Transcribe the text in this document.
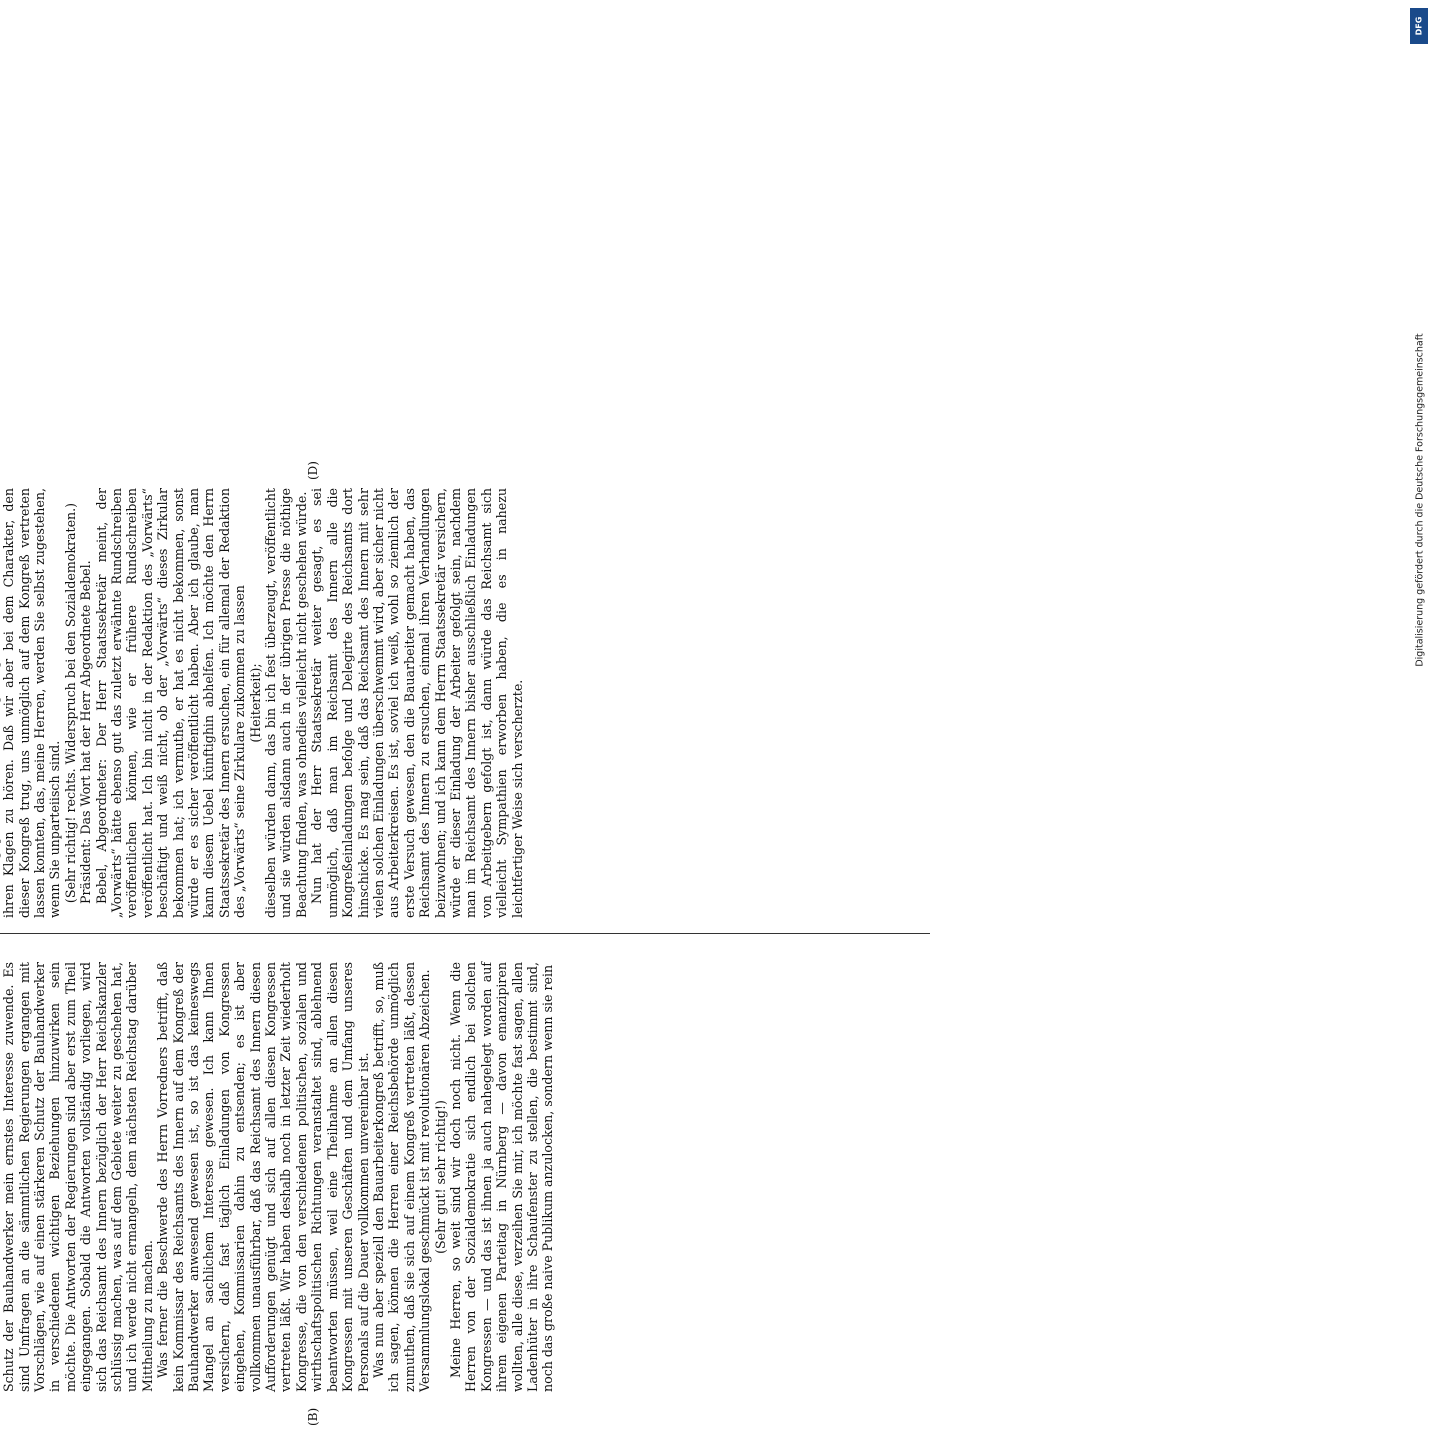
(B)
(D)

Schutz der Bauhandwerker mein ernstes Interesse zuwende. Es sind Umfragen an die sämmtlichen Regierungen ergangen mit Vorschlägen, wie auf einen stärkeren Schutz der Bauhandwerker in verschiedenen wichtigen Beziehungen hinzuwirken sein möchte. Die Antworten der Regierungen sind aber erst zum Theil eingegangen. Sobald die Antworten vollständig vorliegen, wird sich das Reichsamt des Innern bezüglich der Herr Reichskanzler schlüssig machen, was auf dem Gebiete weiter zu geschehen hat, und ich werde nicht ermangeln, dem nächsten Reichstag darüber Mittheilung zu machen. Was ferner die Beschwerde des Herrn Vorredners betrifft, daß kein Kommissar des Reichsamts des Innern auf dem Kongreß der Bauhandwerker anwesend gewesen ist, so ist das keineswegs Mangel an sachlichem Interesse gewesen. Ich kann Ihnen versichern, daß fast täglich Einladungen von Kongressen eingehen, Kommissarien dahin zu entsenden; es ist aber vollkommen unausführbar, daß das Reichsamt des Innern diesen Aufforderungen genügt und sich auf allen diesen Kongressen vertreten läßt. Wir haben deshalb noch in letzter Zeit wiederholt Kongresse, die von den verschiedenen politischen, sozialen und wirthschaftspolitischen Richtungen veranstaltet sind, ablehnend beantworten müssen, weil eine Theilnahme an allen diesen Kongressen mit unseren Geschäften und dem Umfang unseres Personals auf die Dauer vollkommen unvereinbar ist. Was nun aber speziell den Bauarbeiterkongreß betrifft, so, muß ich sagen, können die Herren einer Reichsbehörde unmöglich zumuthen, daß sie sich auf einem Kongreß vertreten läßt, dessen Versammlungslokal geschmückt ist mit revolutionären Abzeichen. (Sehr gut! sehr richtig!) Meine Herren, so weit sind wir doch noch nicht. Wenn die Herren von der Sozialdemokratie sich endlich bei solchen Kongressen — und das ist ihnen ja auch nahegelegt worden auf ihrem eigenen Parteitag in Nürnberg — davon emanzipiren wollten, alle diese, verzeihen Sie mir, ich möchte fast sagen, allen Ladenhüter in ihre Schaufenster zu stellen, die bestimmt sind, noch das große naive Publikum anzulocken, sondern wenn sie rein

ihren Klagen zu hören. Daß wir aber bei dem Charakter, den dieser Kongreß trug, uns unmöglich auf dem Kongreß vertreten lassen konnten, das, meine Herren, werden Sie selbst zugestehen, wenn Sie unparteiisch sind. (Sehr richtig! rechts. Widerspruch bei den Sozialdemokraten.) Präsident: Das Wort hat der Herr Abgeordnete Bebel. Bebel, Abgeordneter: Der Herr Staatssekretär meint, der „Vorwärts“ hätte ebenso gut das zuletzt erwähnte Rundschreiben veröffentlichen können, wie er frühere Rundschreiben veröffentlicht hat. Ich bin nicht in der Redaktion des „Vorwärts“ beschäftigt und weiß nicht, ob der „Vorwärts“ dieses Zirkular bekommen hat; ich vermuthe, er hat es nicht bekommen, sonst würde er es sicher veröffentlicht haben. Aber ich glaube, man kann diesem Uebel künftighin abhelfen. Ich möchte den Herrn Staatssekretär des Innern ersuchen, ein für allemal der Redaktion des „Vorwärts“ seine Zirkulare zukommen zu lassen (Heiterkeit); dieselben würden dann, das bin ich fest überzeugt, veröffentlicht und sie würden alsdann auch in der übrigen Presse die nöthige Beachtung finden, was ohnedies vielleicht nicht geschehen würde. Nun hat der Herr Staatssekretär weiter gesagt, es sei unmöglich, daß man im Reichsamt des Innern alle die Kongreßeinladungen befolge und Delegirte des Reichsamts dort hinschicke. Es mag sein, daß das Reichsamt des Innern mit sehr vielen solchen Einladungen überschwemmt wird, aber sicher nicht aus Arbeiterkreisen. Es ist, soviel ich weiß, wohl so ziemlich der erste Versuch gewesen, den die Bauarbeiter gemacht haben, das Reichsamt des Innern zu ersuchen, einmal ihren Verhandlungen beizuwohnen; und ich kann dem Herrn Staatssekretär versichern, würde er dieser Einladung der Arbeiter gefolgt sein, nachdem man im Reichsamt des Innern bisher ausschließlich Einladungen von Arbeitgebern gefolgt ist, dann würde das Reichsamt sich vielleicht Sympathien erworben haben, die es in nahezu leichtfertiger Weise sich verscherzte.

DFG
Digitalisierung gefördert durch die Deutsche Forschungsgemeinschaft
